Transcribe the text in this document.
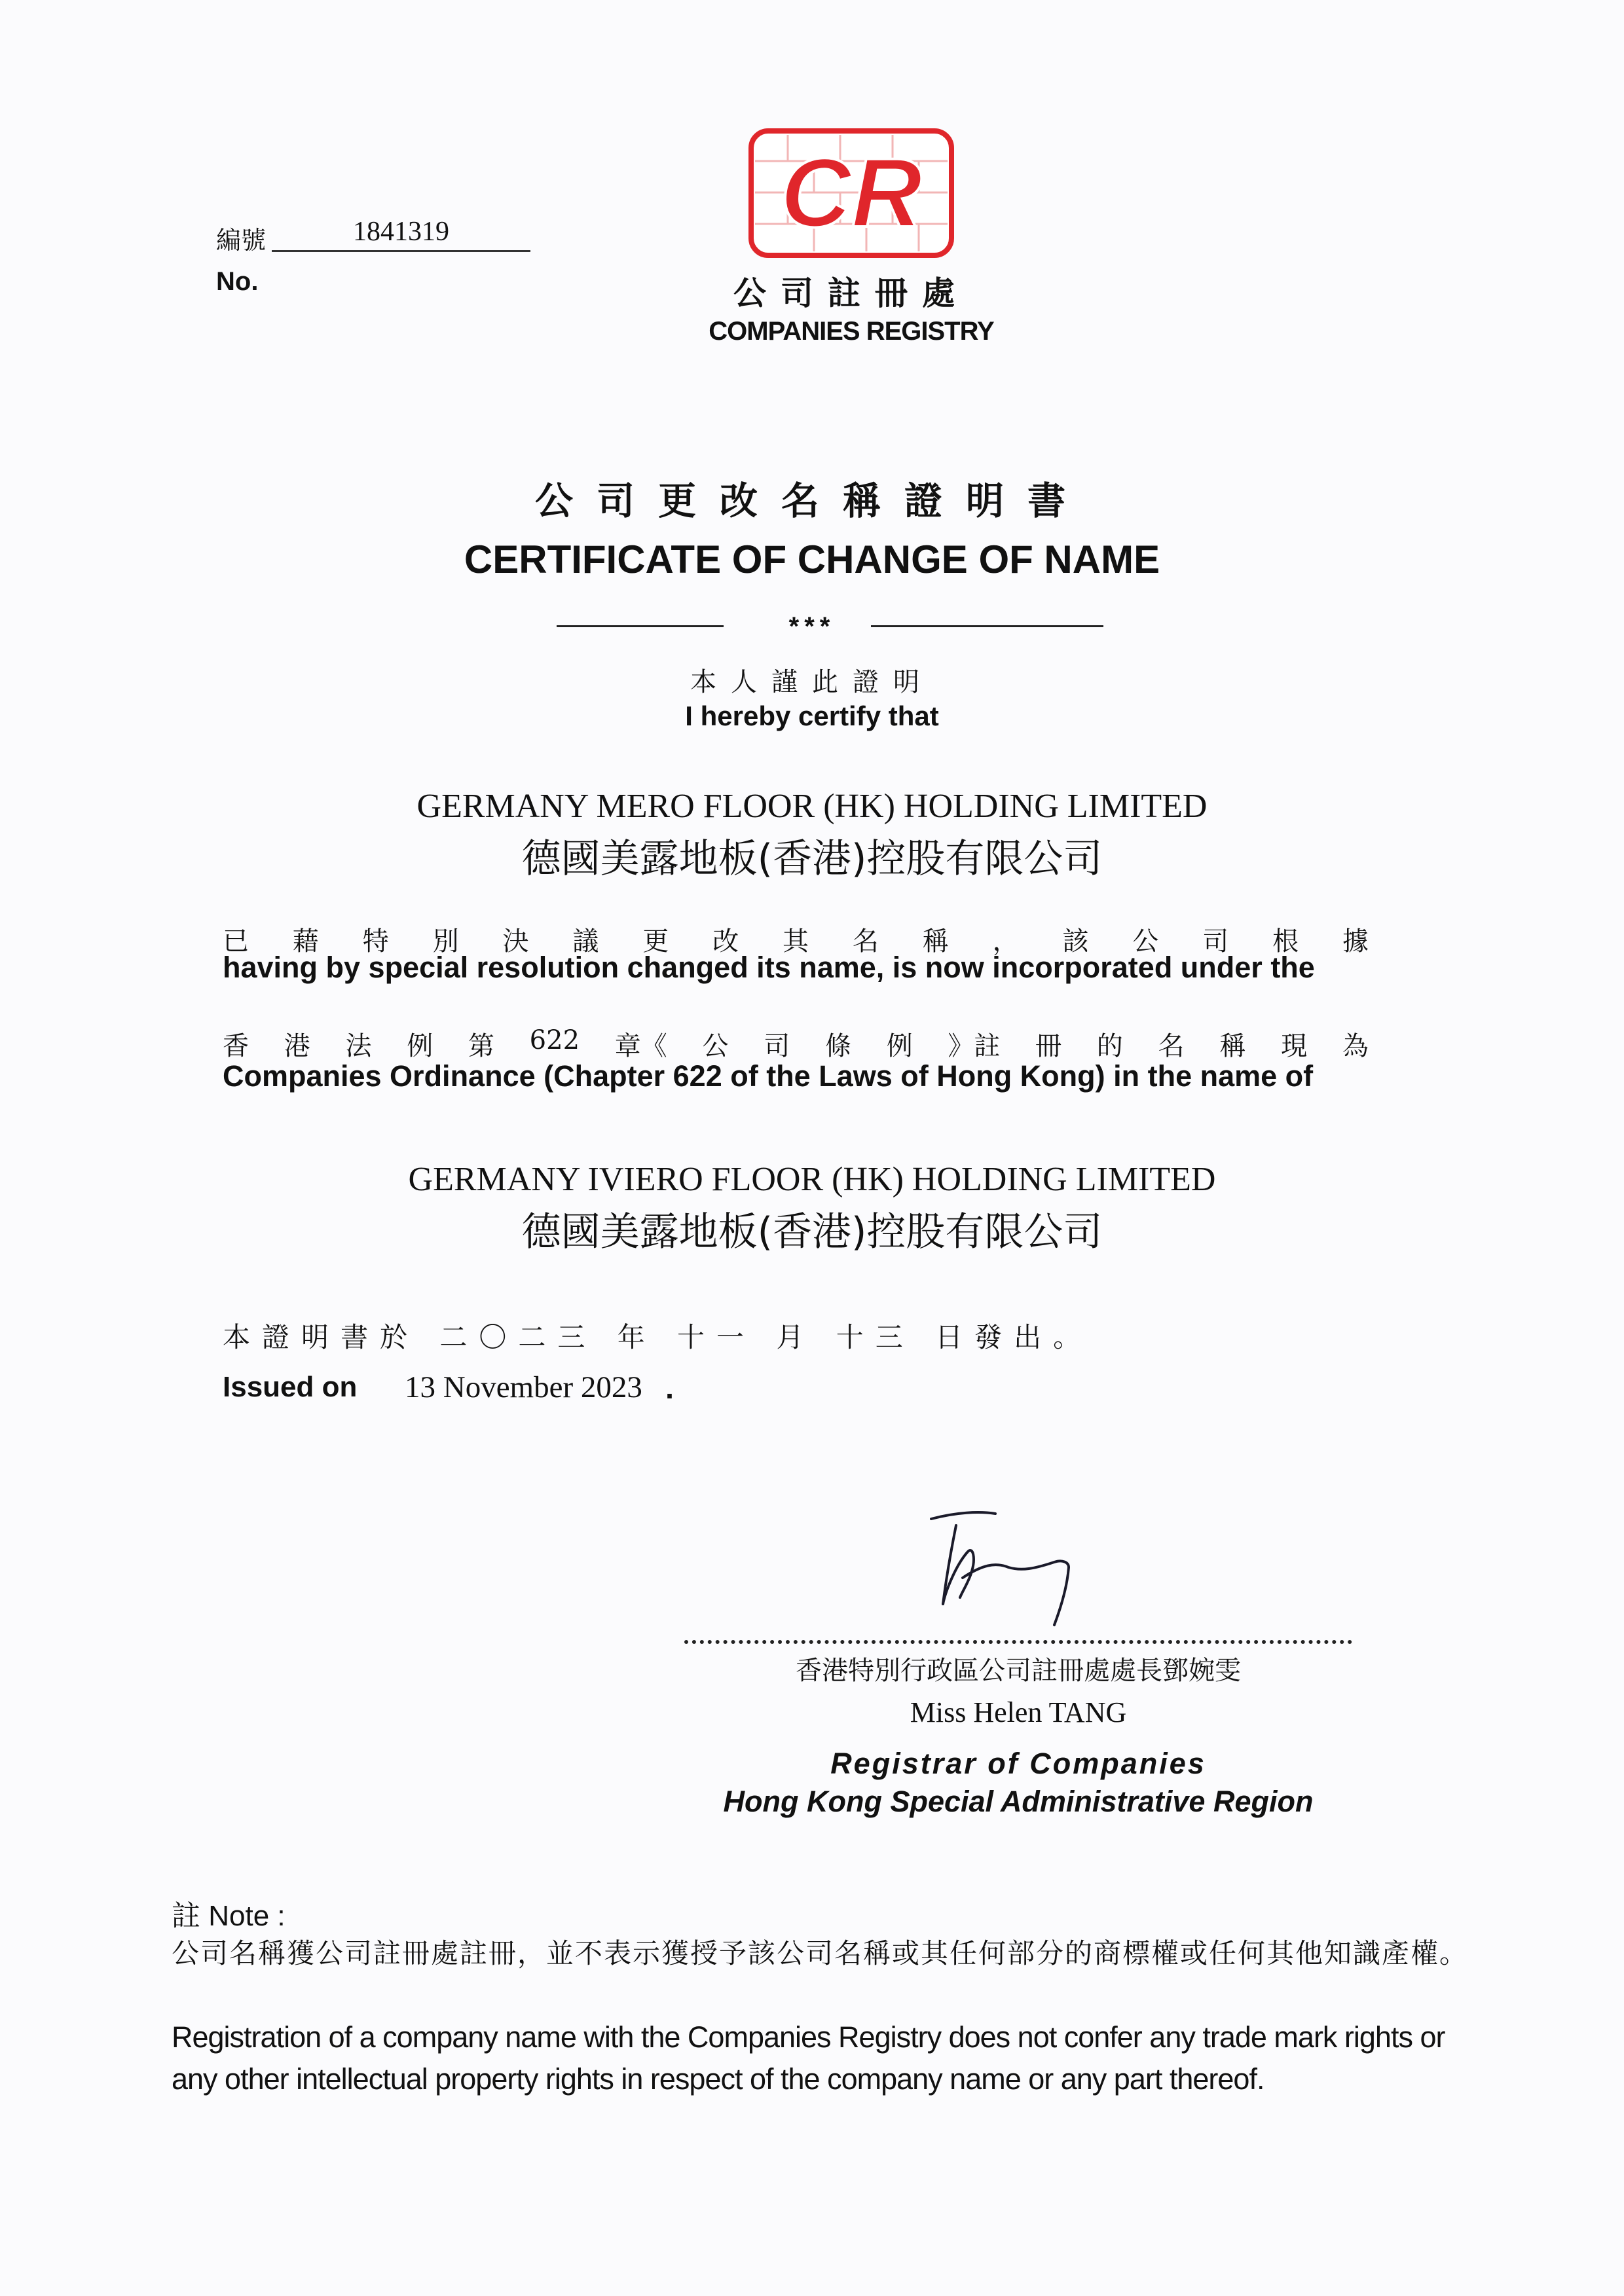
編號	1841319
No.
CR
公司註冊處
COMPANIES REGISTRY
公司更改名稱證明書
CERTIFICATE OF CHANGE OF NAME
***
本人謹此證明
I hereby certify that
GERMANY MERO FLOOR (HK) HOLDING LIMITED
德國美露地板(香港)控股有限公司
已 藉 特 別 決 議 更 改 其 名 稱 ， 該 公 司 根 據
having by special resolution changed its name, is now incorporated under the
香 港 法 例 第 622 章《 公 司 條 例 》註 冊 的 名 稱 現 為
Companies Ordinance (Chapter 622 of the Laws of Hong Kong) in the name of
GERMANY IVIERO FLOOR (HK) HOLDING LIMITED
德國美露地板(香港)控股有限公司
本證明書於 二〇二三 年 十一 月 十三 日發出。
Issued on 13 November 2023 .
香港特別行政區公司註冊處處長鄧婉雯
Miss Helen TANG
Registrar of Companies
Hong Kong Special Administrative Region
註 Note :
公司名稱獲公司註冊處註冊，並不表示獲授予該公司名稱或其任何部分的商標權或任何其他知識產權。
Registration of a company name with the Companies Registry does not confer any trade mark rights or any other intellectual property rights in respect of the company name or any part thereof.
